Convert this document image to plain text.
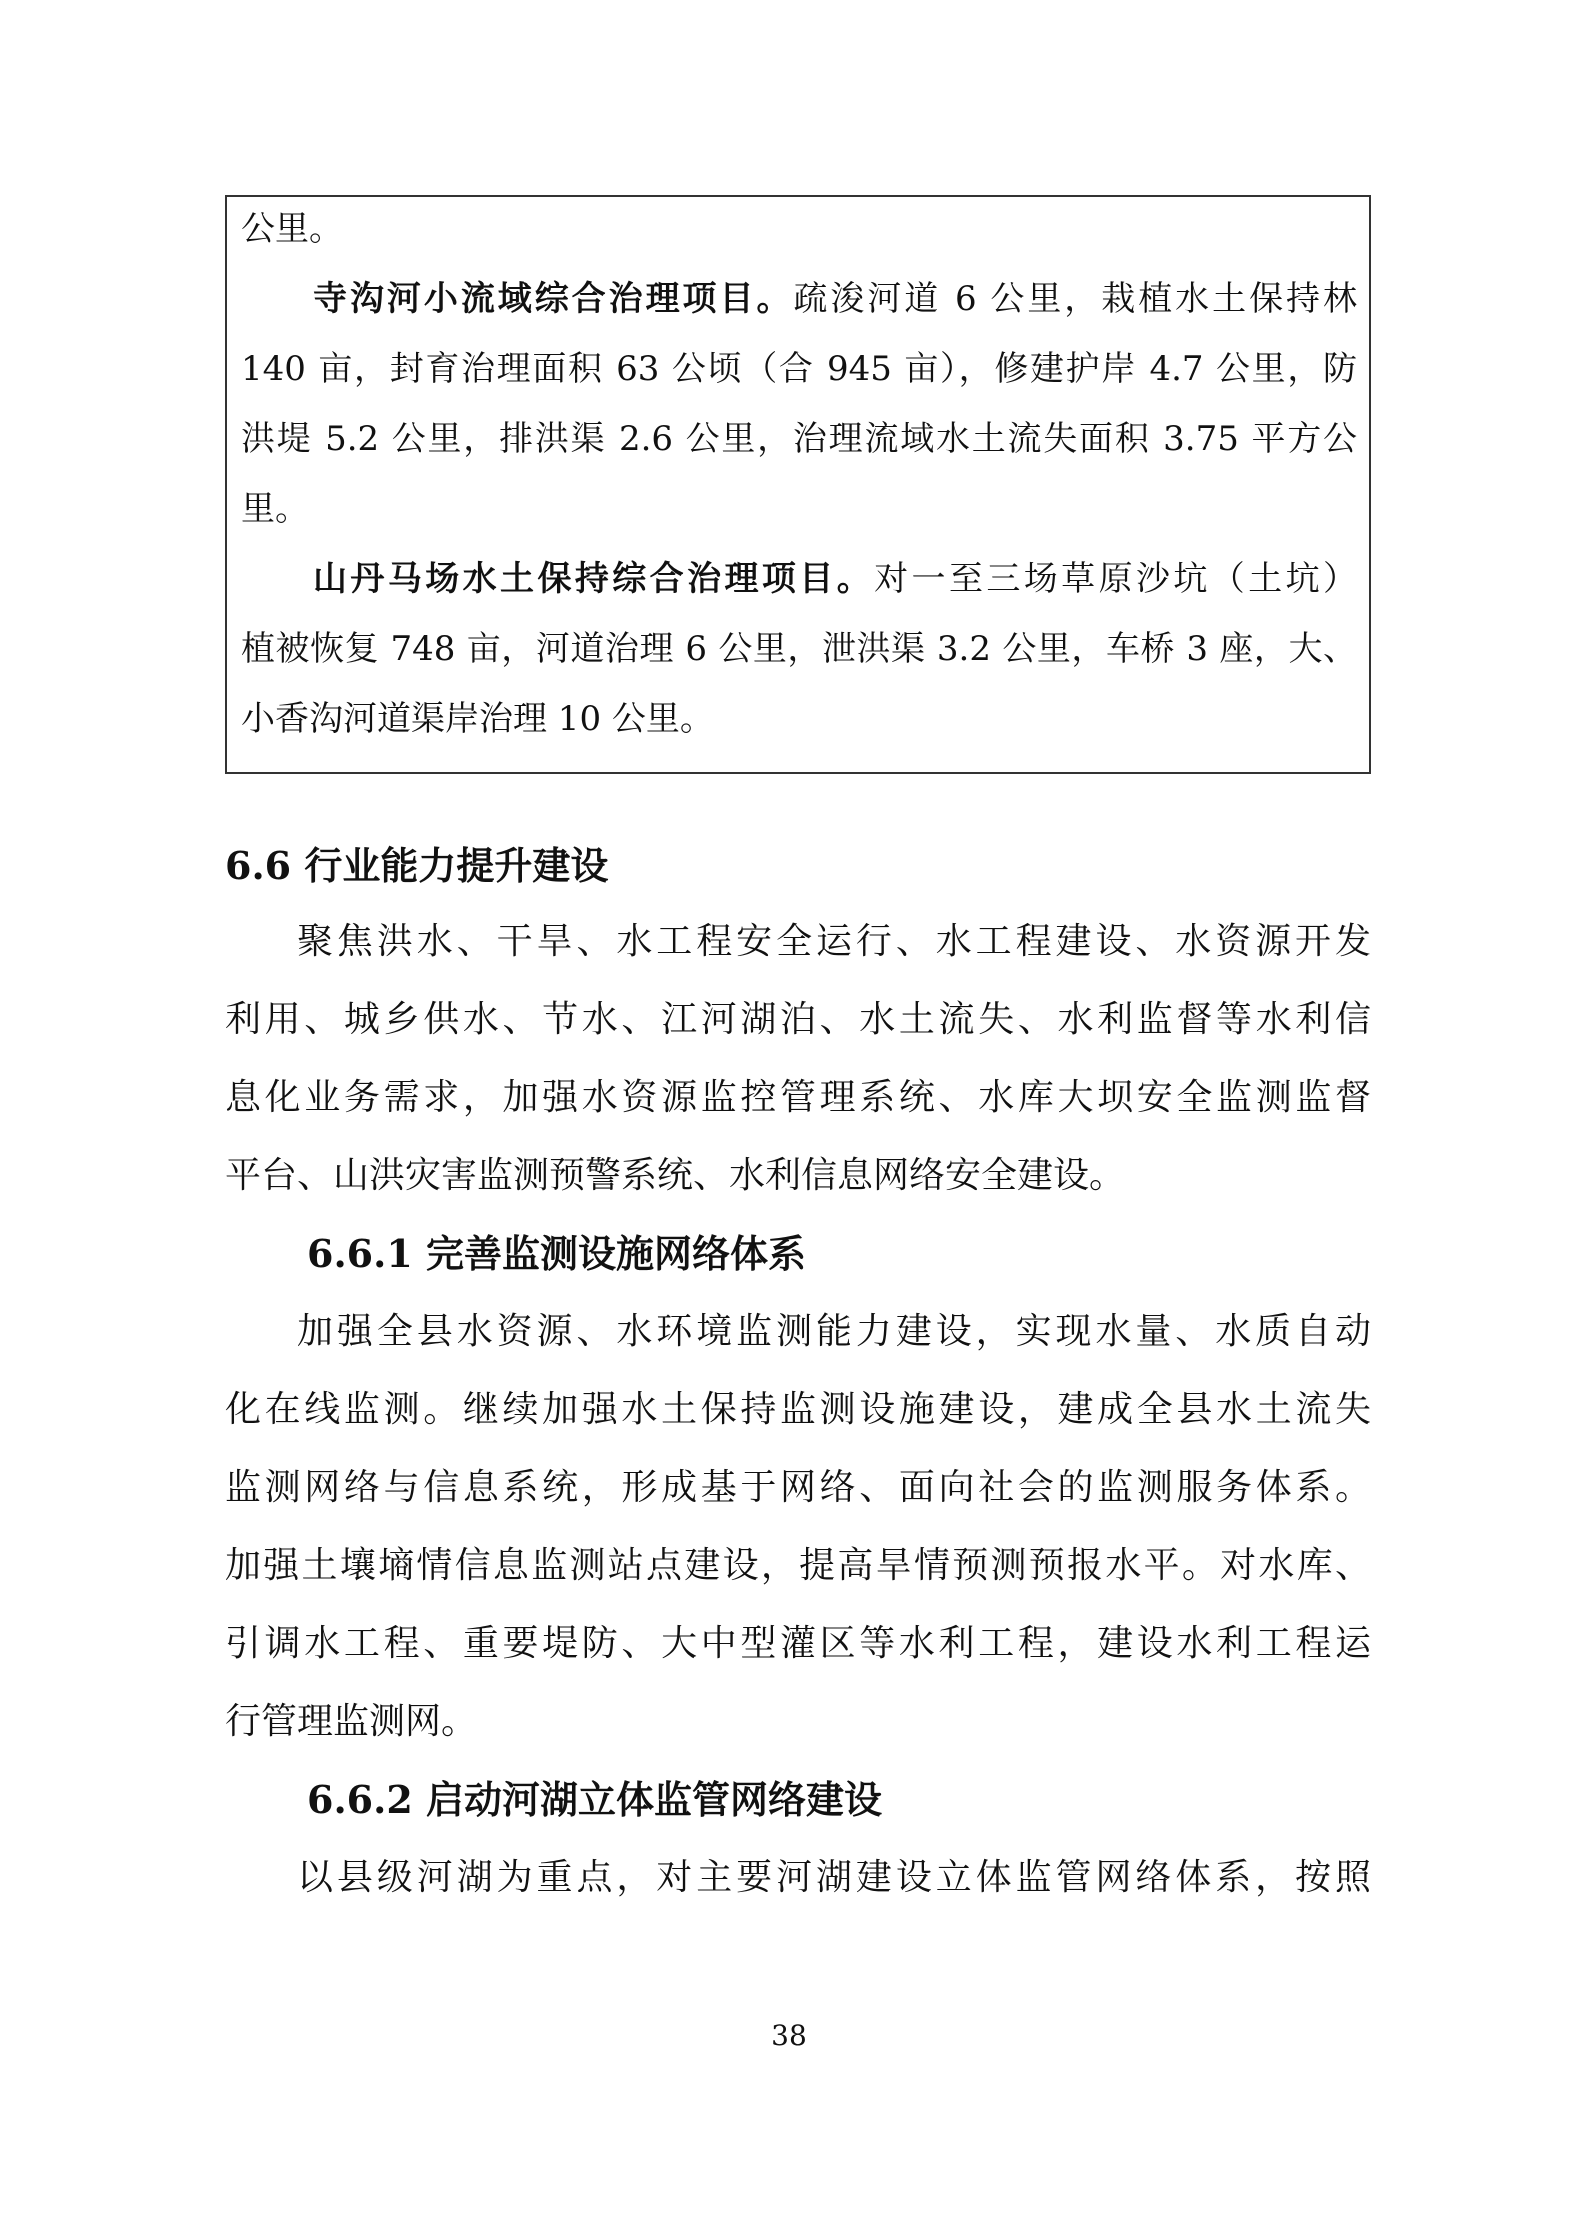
公里。
寺沟河小流域综合治理项目。疏浚河道 6 公里，栽植水土保持林
140 亩，封育治理面积 63 公顷（合 945 亩），修建护岸 4.7 公里，防
洪堤 5.2 公里，排洪渠 2.6 公里，治理流域水土流失面积 3.75 平方公
里。
山丹马场水土保持综合治理项目。对一至三场草原沙坑（土坑）
植被恢复 748 亩，河道治理 6 公里，泄洪渠 3.2 公里，车桥 3 座，大、
小香沟河道渠岸治理 10 公里。
6.6 行业能力提升建设
聚焦洪水、干旱、水工程安全运行、水工程建设、水资源开发
利用、城乡供水、节水、江河湖泊、水土流失、水利监督等水利信
息化业务需求，加强水资源监控管理系统、水库大坝安全监测监督
平台、山洪灾害监测预警系统、水利信息网络安全建设。
6.6.1 完善监测设施网络体系
加强全县水资源、水环境监测能力建设，实现水量、水质自动
化在线监测。继续加强水土保持监测设施建设，建成全县水土流失
监测网络与信息系统，形成基于网络、面向社会的监测服务体系。
加强土壤墒情信息监测站点建设，提高旱情预测预报水平。对水库、
引调水工程、重要堤防、大中型灌区等水利工程，建设水利工程运
行管理监测网。
6.6.2 启动河湖立体监管网络建设
以县级河湖为重点，对主要河湖建设立体监管网络体系，按照
38
